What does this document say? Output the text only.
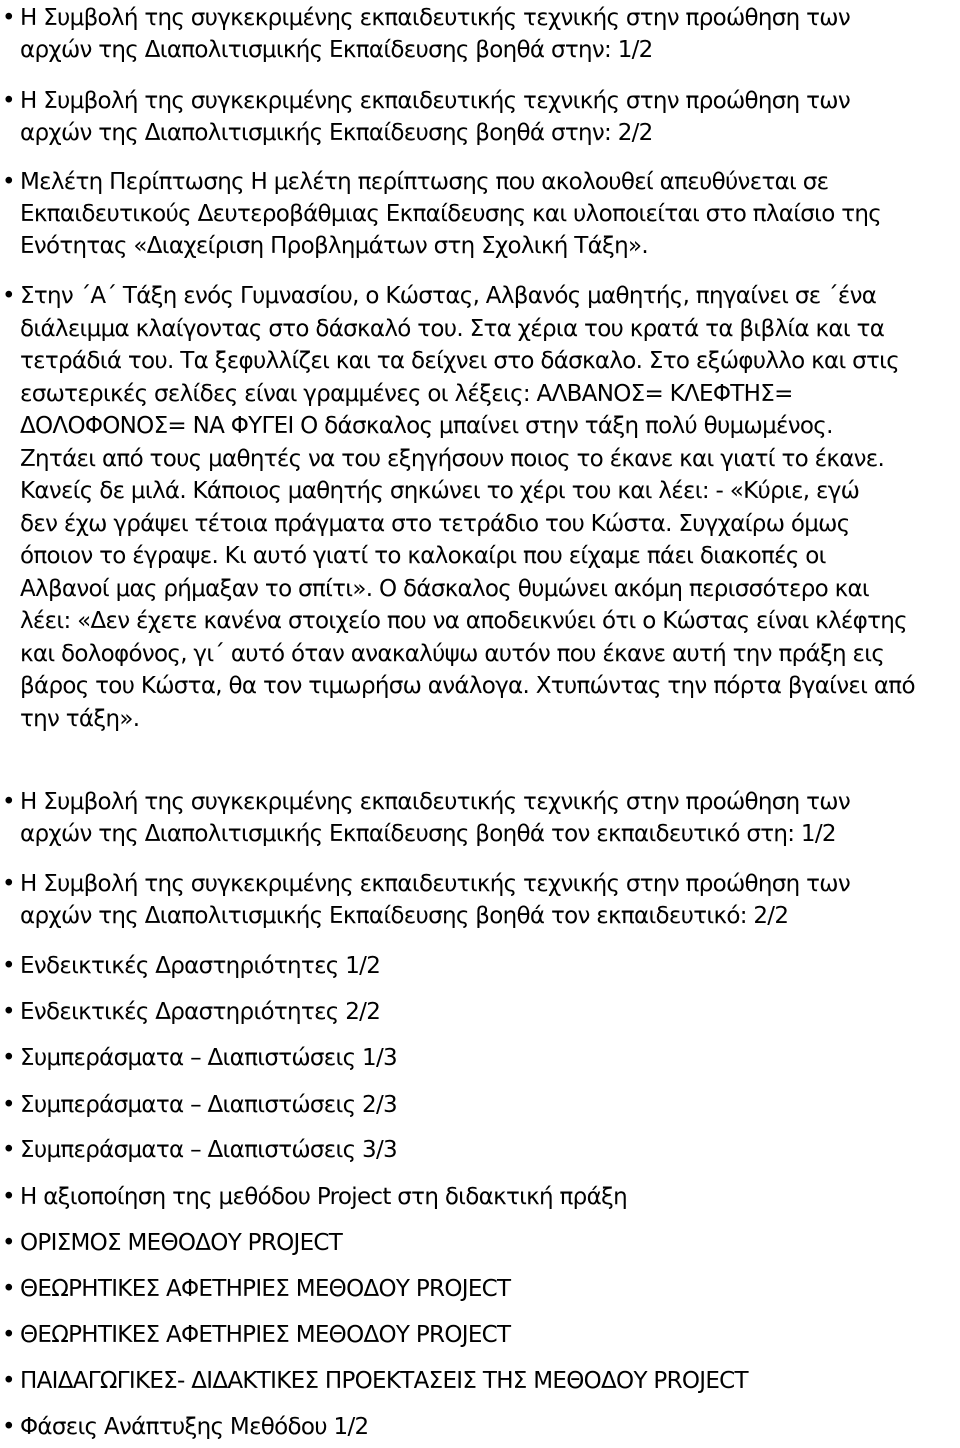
• Η Συμβολή της συγκεκριμένης εκπαιδευτικής τεχνικής στην προώθηση των
αρχών της Διαπολιτισμικής Εκπαίδευσης βοηθά στην: 1/2
• Η Συμβολή της συγκεκριμένης εκπαιδευτικής τεχνικής στην προώθηση των
αρχών της Διαπολιτισμικής Εκπαίδευσης βοηθά στην: 2/2
• Μελέτη Περίπτωσης Η μελέτη περίπτωσης που ακολουθεί απευθύνεται σε
Εκπαιδευτικούς Δευτεροβάθμιας Εκπαίδευσης και υλοποιείται στο πλαίσιο της
Ενότητας «Διαχείριση Προβλημάτων στη Σχολική Τάξη».
• Στην ΄Α΄ Τάξη ενός Γυμνασίου, ο Κώστας, Αλβανός μαθητής, πηγαίνει σε ΄ένα
διάλειμμα κλαίγοντας στο δάσκαλό του. Στα χέρια του κρατά τα βιβλία και τα
τετράδιά του. Τα ξεφυλλίζει και τα δείχνει στο δάσκαλο. Στο εξώφυλλο και στις
εσωτερικές σελίδες είναι γραμμένες οι λέξεις: ΑΛΒΑΝΟΣ= ΚΛΕΦΤΗΣ=
ΔΟΛΟΦΟΝΟΣ= ΝΑ ΦΥΓΕΙ Ο δάσκαλος μπαίνει στην τάξη πολύ θυμωμένος.
Ζητάει από τους μαθητές να του εξηγήσουν ποιος το έκανε και γιατί το έκανε.
Κανείς δε μιλά. Κάποιος μαθητής σηκώνει το χέρι του και λέει: - «Κύριε, εγώ
δεν έχω γράψει τέτοια πράγματα στο τετράδιο του Κώστα. Συγχαίρω όμως
όποιον το έγραψε. Κι αυτό γιατί το καλοκαίρι που είχαμε πάει διακοπές οι
Αλβανοί μας ρήμαξαν το σπίτι». Ο δάσκαλος θυμώνει ακόμη περισσότερο και
λέει: «Δεν έχετε κανένα στοιχείο που να αποδεικνύει ότι ο Κώστας είναι κλέφτης
και δολοφόνος, γι΄ αυτό όταν ανακαλύψω αυτόν που έκανε αυτή την πράξη εις
βάρος του Κώστα, θα τον τιμωρήσω ανάλογα. Χτυπώντας την πόρτα βγαίνει από
την τάξη».
• Η Συμβολή της συγκεκριμένης εκπαιδευτικής τεχνικής στην προώθηση των
αρχών της Διαπολιτισμικής Εκπαίδευσης βοηθά τον εκπαιδευτικό στη: 1/2
• Η Συμβολή της συγκεκριμένης εκπαιδευτικής τεχνικής στην προώθηση των
αρχών της Διαπολιτισμικής Εκπαίδευσης βοηθά τον εκπαιδευτικό: 2/2
• Ενδεικτικές Δραστηριότητες 1/2
• Ενδεικτικές Δραστηριότητες 2/2
• Συμπεράσματα – Διαπιστώσεις 1/3
• Συμπεράσματα – Διαπιστώσεις 2/3
• Συμπεράσματα – Διαπιστώσεις 3/3
• Η αξιοποίηση της μεθόδου Project στη διδακτική πράξη
• ΟΡΙΣΜΟΣ ΜΕΘΟΔΟΥ PROJECT
• ΘΕΩΡΗΤΙΚΕΣ ΑΦΕΤΗΡΙΕΣ ΜΕΘΟΔΟΥ PROJECT
• ΘΕΩΡΗΤΙΚΕΣ ΑΦΕΤΗΡΙΕΣ ΜΕΘΟΔΟΥ PROJECT
• ΠΑΙΔΑΓΩΓΙΚΕΣ- ΔΙΔΑΚΤΙΚΕΣ ΠΡΟΕΚΤΑΣΕΙΣ ΤΗΣ ΜΕΘΟΔΟΥ PROJECT
• Φάσεις Ανάπτυξης Μεθόδου 1/2
